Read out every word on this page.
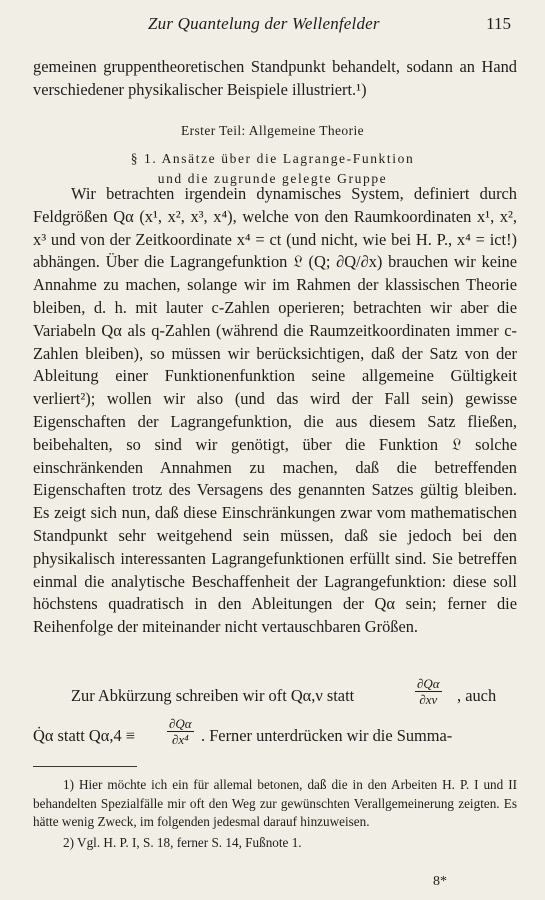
Zur Quantelung der Wellenfelder	115

gemeinen gruppentheoretischen Standpunkt behandelt, sodann an Hand verschiedener physikalischer Beispiele illustriert.¹)

Erster Teil: Allgemeine Theorie
§ 1. Ansätze über die Lagrange-Funktion
und die zugrunde gelegte Gruppe

Wir betrachten irgendein dynamisches System, definiert durch Feldgrößen Qα (x¹, x², x³, x⁴), welche von den Raumkoordinaten x¹, x², x³ und von der Zeitkoordinate x⁴ = ct (und nicht, wie bei H. P., x⁴ = ict!) abhängen. Über die Lagrangefunktion 𝔏 (Q; ∂Q/∂x) brauchen wir keine Annahme zu machen, solange wir im Rahmen der klassischen Theorie bleiben, d. h. mit lauter c-Zahlen operieren; betrachten wir aber die Variabeln Qα als q-Zahlen (während die Raumzeitkoordinaten immer c-Zahlen bleiben), so müssen wir berücksichtigen, daß der Satz von der Ableitung einer Funktionenfunktion seine allgemeine Gültigkeit verliert²); wollen wir also (und das wird der Fall sein) gewisse Eigenschaften der Lagrangefunktion, die aus diesem Satz fließen, beibehalten, so sind wir genötigt, über die Funktion 𝔏 solche einschränkenden Annahmen zu machen, daß die betreffenden Eigenschaften trotz des Versagens des genannten Satzes gültig bleiben. Es zeigt sich nun, daß diese Einschränkungen zwar vom mathematischen Standpunkt sehr weitgehend sein müssen, daß sie jedoch bei den physikalisch interessanten Lagrangefunktionen erfüllt sind. Sie betreffen einmal die analytische Beschaffenheit der Lagrangefunktion: diese soll höchstens quadratisch in den Ableitungen der Qα sein; ferner die Reihenfolge der miteinander nicht vertauschbaren Größen.

Zur Abkürzung schreiben wir oft Qα,ν statt	$\frac{\partial Q\alpha}{\partial x\nu}$ , auch
Q̇α statt $Q\alpha,4 \equiv \frac{\partial Q\alpha}{\text{∂x⁴}}$ . Ferner unterdrücken wir die Summa-

1) Hier möchte ich ein für allemal betonen, daß die in den Arbeiten H. P. I und II behandelten Spezialfälle mir oft den Weg zur gewünschten Verallgemeinerung zeigten. Es hätte wenig Zweck, im folgenden jedesmal darauf hinzuweisen.

2) Vgl. H. P. I, S. 18, ferner S. 14, Fußnote 1.

8*
